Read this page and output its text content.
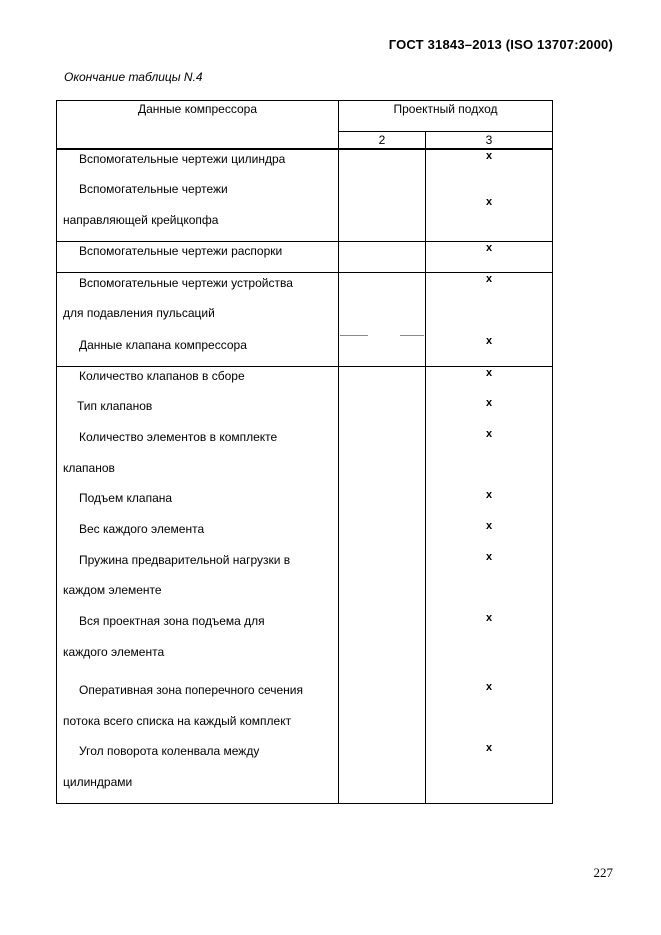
ГОСТ 31843–2013 (ISO 13707:2000)
Окончание таблицы N.4
Данные компрессора	Проектный подход
2	3
Вспомогательные чертежи цилиндра
Вспомогательные чертежи
направляющей крейцкопфа
Вспомогательные чертежи распорки
Вспомогательные чертежи устройства
для подавления пульсаций
Данные клапана компрессора
Количество клапанов в сборе
Тип клапанов
Количество элементов в комплекте
клапанов
Подъем клапана
Вес каждого элемента
Пружина предварительной нагрузки в
каждом элементе
Вся проектная зона подъема для
каждого элемента
Оперативная зона поперечного сечения
потока всего списка на каждый комплект
Угол поворота коленвала между
цилиндрами
x
x
x
x
x
x
x
x
x
x
x
x
x
x
227
